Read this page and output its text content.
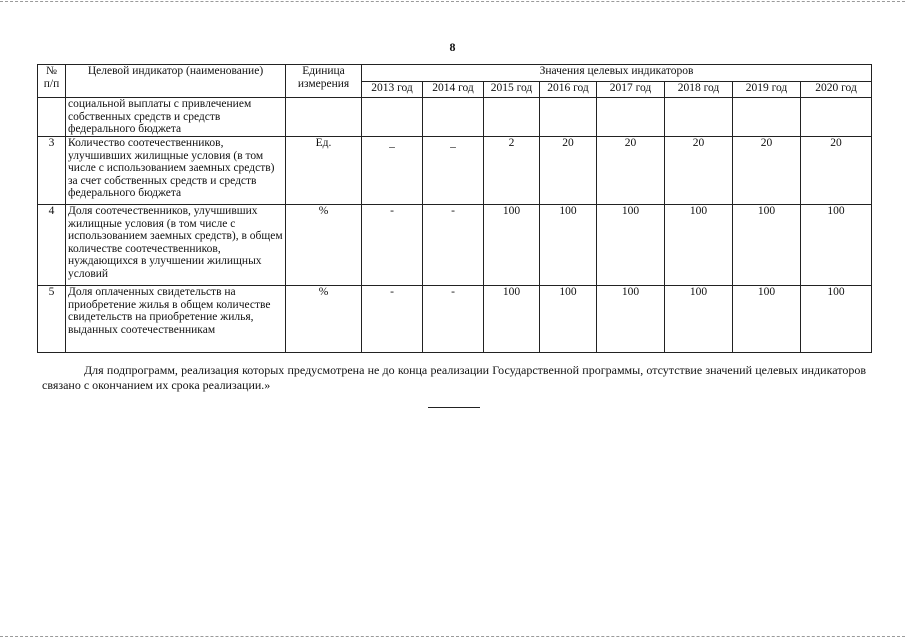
8
№ п/п	Целевой индикатор (наименование)	Единица измерения	Значения целевых индикаторов							
			2013 год	2014 год	2015 год	2016 год	2017 год	2018 год	2019 год	2020 год
	социальной выплаты с привлечением собственных средств и средств федерального бюджета									
3	Количество соотечественников, улучшивших жилищные условия (в том числе с использованием заемных средств) за счет собственных средств и средств федерального бюджета	Ед.	_	_	2	20	20	20	20	20
4	Доля соотечественников, улучшивших жилищные условия (в том числе с использованием заемных средств), в общем количестве соотечественников, нуждающихся в улучшении жилищных условий	%	-	-	100	100	100	100	100	100
5	Доля оплаченных свидетельств на приобретение жилья в общем количестве свидетельств на приобретение жилья, выданных соотечественникам	%	-	-	100	100	100	100	100	100
Для подпрограмм, реализация которых предусмотрена не до конца реализации Государственной программы, отсутствие значений целевых индикаторов связано с окончанием их срока реализации.»
